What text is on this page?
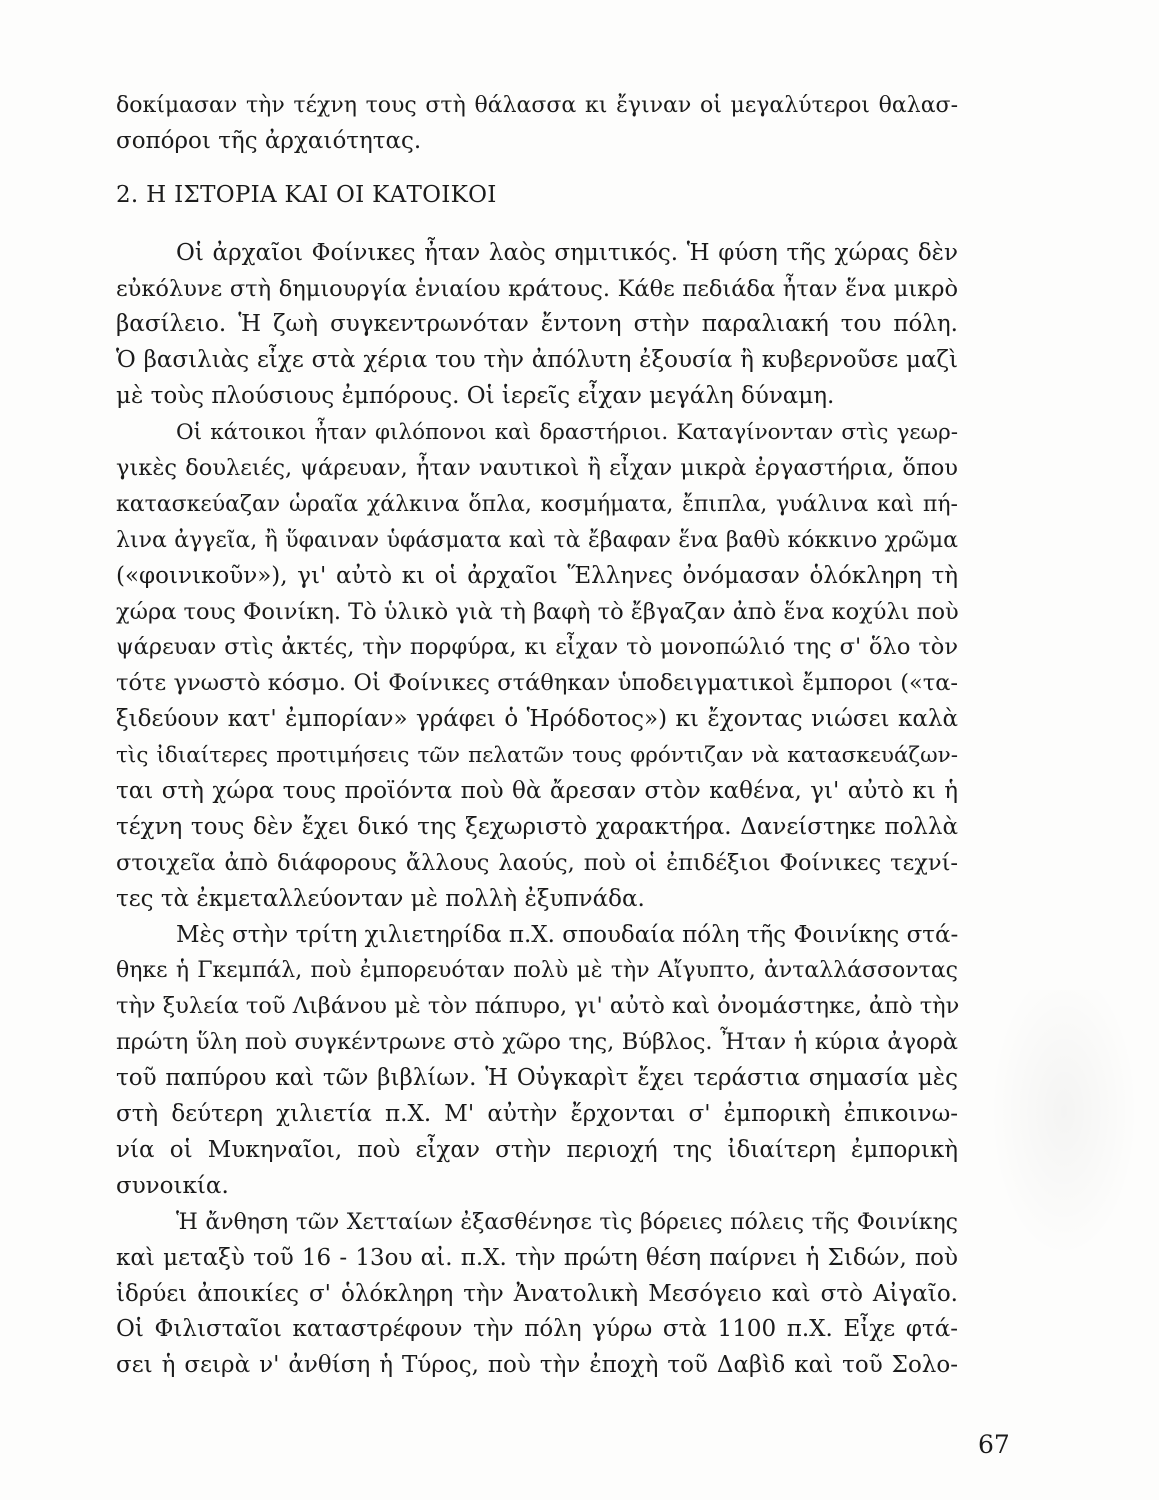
δοκίμασαν τὴν τέχνη τους στὴ θάλασσα κι ἔγιναν οἱ μεγαλύτεροι θαλασ-
σοπόροι τῆς ἀρχαιότητας.
2. Η ΙΣΤΟΡΙΑ ΚΑΙ ΟΙ ΚΑΤΟΙΚΟΙ
Οἱ ἀρχαῖοι Φοίνικες ἦταν λαὸς σημιτικός. Ἡ φύση τῆς χώρας δὲν
εὐκόλυνε στὴ δημιουργία ἑνιαίου κράτους. Κάθε πεδιάδα ἦταν ἕνα μικρὸ
βασίλειο. Ἡ ζωὴ συγκεντρωνόταν ἔντονη στὴν παραλιακή του πόλη.
Ὁ βασιλιὰς εἶχε στὰ χέρια του τὴν ἀπόλυτη ἐξουσία ἢ κυβερνοῦσε μαζὶ
μὲ τοὺς πλούσιους ἐμπόρους. Οἱ ἱερεῖς εἶχαν μεγάλη δύναμη.
Οἱ κάτοικοι ἦταν φιλόπονοι καὶ δραστήριοι. Καταγίνονταν στὶς γεωρ-
γικὲς δουλειές, ψάρευαν, ἦταν ναυτικοὶ ἢ εἶχαν μικρὰ ἐργαστήρια, ὅπου
κατασκεύαζαν ὡραῖα χάλκινα ὅπλα, κοσμήματα, ἔπιπλα, γυάλινα καὶ πή-
λινα ἀγγεῖα, ἢ ὕφαιναν ὑφάσματα καὶ τὰ ἔβαφαν ἕνα βαθὺ κόκκινο χρῶμα
(«φοινικοῦν»), γι' αὐτὸ κι οἱ ἀρχαῖοι Ἕλληνες ὀνόμασαν ὁλόκληρη τὴ
χώρα τους Φοινίκη. Τὸ ὑλικὸ γιὰ τὴ βαφὴ τὸ ἔβγαζαν ἀπὸ ἕνα κοχύλι ποὺ
ψάρευαν στὶς ἀκτές, τὴν πορφύρα, κι εἶχαν τὸ μονοπώλιό της σ' ὅλο τὸν
τότε γνωστὸ κόσμο. Οἱ Φοίνικες στάθηκαν ὑποδειγματικοὶ ἔμποροι («τα-
ξιδεύουν κατ' ἐμπορίαν» γράφει ὁ Ἡρόδοτος») κι ἔχοντας νιώσει καλὰ
τὶς ἰδιαίτερες προτιμήσεις τῶν πελατῶν τους φρόντιζαν νὰ κατασκευάζων-
ται στὴ χώρα τους προϊόντα ποὺ θὰ ἄρεσαν στὸν καθένα, γι' αὐτὸ κι ἡ
τέχνη τους δὲν ἔχει δικό της ξεχωριστὸ χαρακτήρα. Δανείστηκε πολλὰ
στοιχεῖα ἀπὸ διάφορους ἄλλους λαούς, ποὺ οἱ ἐπιδέξιοι Φοίνικες τεχνί-
τες τὰ ἐκμεταλλεύονταν μὲ πολλὴ ἐξυπνάδα.
Μὲς στὴν τρίτη χιλιετηρίδα π.Χ. σπουδαία πόλη τῆς Φοινίκης στά-
θηκε ἡ Γκεμπάλ, ποὺ ἐμπορευόταν πολὺ μὲ τὴν Αἴγυπτο, ἀνταλλάσσοντας
τὴν ξυλεία τοῦ Λιβάνου μὲ τὸν πάπυρο, γι' αὐτὸ καὶ ὀνομάστηκε, ἀπὸ τὴν
πρώτη ὕλη ποὺ συγκέντρωνε στὸ χῶρο της, Βύβλος. Ἦταν ἡ κύρια ἀγορὰ
τοῦ παπύρου καὶ τῶν βιβλίων. Ἡ Οὐγκαρὶτ ἔχει τεράστια σημασία μὲς
στὴ δεύτερη χιλιετία π.Χ. Μ' αὐτὴν ἔρχονται σ' ἐμπορικὴ ἐπικοινω-
νία οἱ Μυκηναῖοι, ποὺ εἶχαν στὴν περιοχή της ἰδιαίτερη ἐμπορικὴ
συνοικία.
Ἡ ἄνθηση τῶν Χετταίων ἐξασθένησε τὶς βόρειες πόλεις τῆς Φοινίκης
καὶ μεταξὺ τοῦ 16 - 13ου αἰ. π.Χ. τὴν πρώτη θέση παίρνει ἡ Σιδών, ποὺ
ἱδρύει ἀποικίες σ' ὁλόκληρη τὴν Ἀνατολικὴ Μεσόγειο καὶ στὸ Αἰγαῖο.
Οἱ Φιλισταῖοι καταστρέφουν τὴν πόλη γύρω στὰ 1100 π.Χ. Εἶχε φτά-
σει ἡ σειρὰ ν' ἀνθίση ἡ Τύρος, ποὺ τὴν ἐποχὴ τοῦ Δαβὶδ καὶ τοῦ Σολο-
67
